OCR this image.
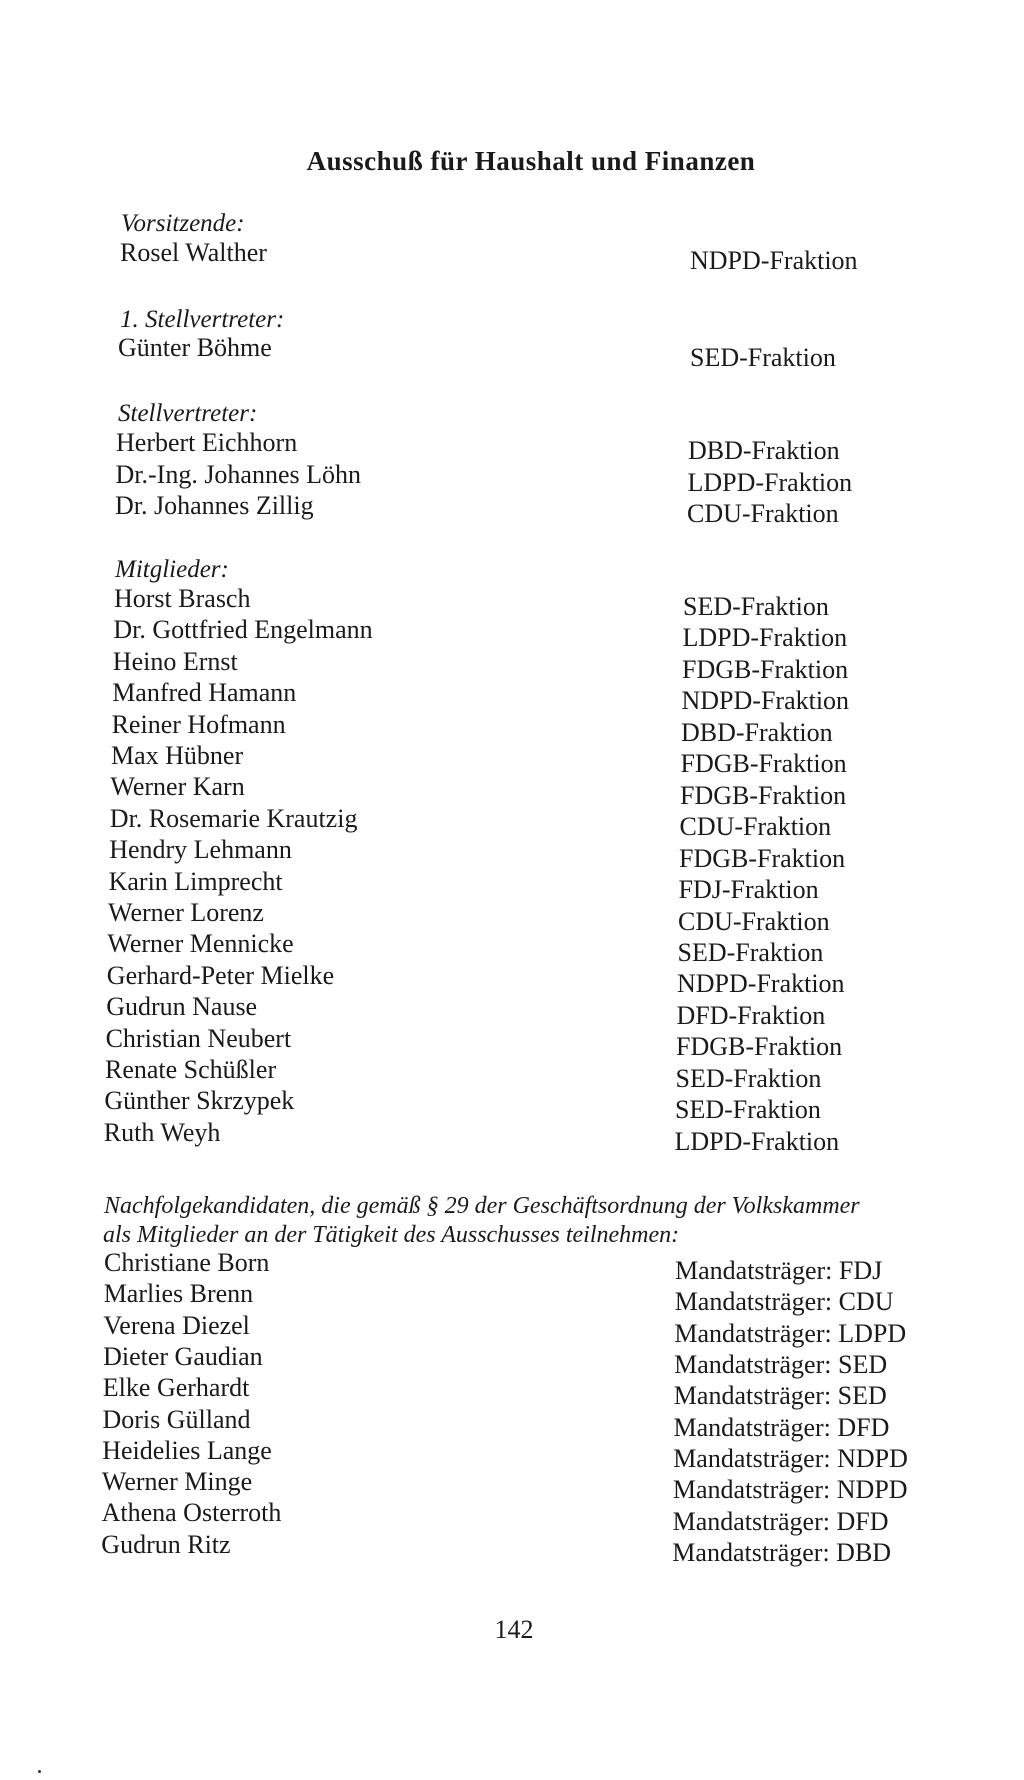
Ausschuß für Haushalt und Finanzen
Vorsitzende:
Rosel Walther	NDPD-Fraktion
1. Stellvertreter:
Günter Böhme	SED-Fraktion
Stellvertreter:
Herbert Eichhorn	DBD-Fraktion
Dr.-Ing. Johannes Löhn	LDPD-Fraktion
Dr. Johannes Zillig	CDU-Fraktion
Mitglieder:
Horst Brasch	SED-Fraktion
Dr. Gottfried Engelmann	LDPD-Fraktion
Heino Ernst	FDGB-Fraktion
Manfred Hamann	NDPD-Fraktion
Reiner Hofmann	DBD-Fraktion
Max Hübner	FDGB-Fraktion
Werner Karn	FDGB-Fraktion
Dr. Rosemarie Krautzig	CDU-Fraktion
Hendry Lehmann	FDGB-Fraktion
Karin Limprecht	FDJ-Fraktion
Werner Lorenz	CDU-Fraktion
Werner Mennicke	SED-Fraktion
Gerhard-Peter Mielke	NDPD-Fraktion
Gudrun Nause	DFD-Fraktion
Christian Neubert	FDGB-Fraktion
Renate Schüßler	SED-Fraktion
Günther Skrzypek	SED-Fraktion
Ruth Weyh	LDPD-Fraktion
Nachfolgekandidaten, die gemäß § 29 der Geschäftsordnung der Volkskammer
als Mitglieder an der Tätigkeit des Ausschusses teilnehmen:
Christiane Born	Mandatsträger: FDJ
Marlies Brenn	Mandatsträger: CDU
Verena Diezel	Mandatsträger: LDPD
Dieter Gaudian	Mandatsträger: SED
Elke Gerhardt	Mandatsträger: SED
Doris Gülland	Mandatsträger: DFD
Heidelies Lange	Mandatsträger: NDPD
Werner Minge	Mandatsträger: NDPD
Athena Osterroth	Mandatsträger: DFD
Gudrun Ritz	Mandatsträger: DBD
142
